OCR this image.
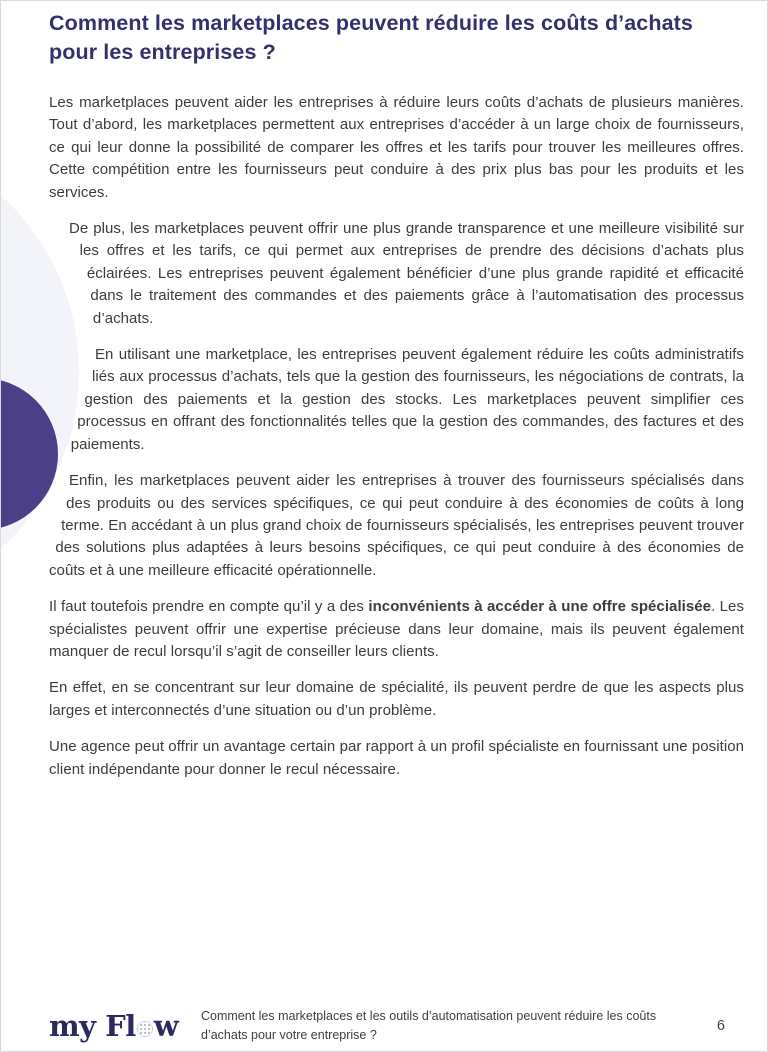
Comment les marketplaces peuvent réduire les coûts d’achats pour les entreprises ?

Les marketplaces peuvent aider les entreprises à réduire leurs coûts d’achats de plusieurs manières. Tout d’abord, les marketplaces permettent aux entreprises d’accéder à un large choix de fournisseurs, ce qui leur donne la possibilité de comparer les offres et les tarifs pour trouver les meilleures offres. Cette compétition entre les fournisseurs peut conduire à des prix plus bas pour les produits et les services.

De plus, les marketplaces peuvent offrir une plus grande transparence et une meilleure visibilité sur les offres et les tarifs, ce qui permet aux entreprises de prendre des décisions d’achats plus éclairées. Les entreprises peuvent également bénéficier d’une plus grande rapidité et efficacité dans le traitement des commandes et des paiements grâce à l’automatisation des processus d’achats.

En utilisant une marketplace, les entreprises peuvent également réduire les coûts administratifs liés aux processus d’achats, tels que la gestion des fournisseurs, les négociations de contrats, la gestion des paiements et la gestion des stocks. Les marketplaces peuvent simplifier ces processus en offrant des fonctionnalités telles que la gestion des commandes, des factures et des paiements.

Enfin, les marketplaces peuvent aider les entreprises à trouver des fournisseurs spécialisés dans des produits ou des services spécifiques, ce qui peut conduire à des économies de coûts à long terme. En accédant à un plus grand choix de fournisseurs spécialisés, les entreprises peuvent trouver des solutions plus adaptées à leurs besoins spécifiques, ce qui peut conduire à des économies de coûts et à une meilleure efficacité opérationnelle.

Il faut toutefois prendre en compte qu’il y a des inconvénients à accéder à une offre spécialisée. Les spécialistes peuvent offrir une expertise précieuse dans leur domaine, mais ils peuvent également manquer de recul lorsqu’il s’agit de conseiller leurs clients.

En effet, en se concentrant sur leur domaine de spécialité, ils peuvent perdre de que les aspects plus larges et interconnectés d’une situation ou d’un problème.

Une agence peut offrir un avantage certain par rapport à un profil spécialiste en fournissant une position client indépendante pour donner le recul nécessaire.

my Fl w	Comment les marketplaces et les outils d’automatisation peuvent réduire les coûts d’achats pour votre entreprise ?
6
